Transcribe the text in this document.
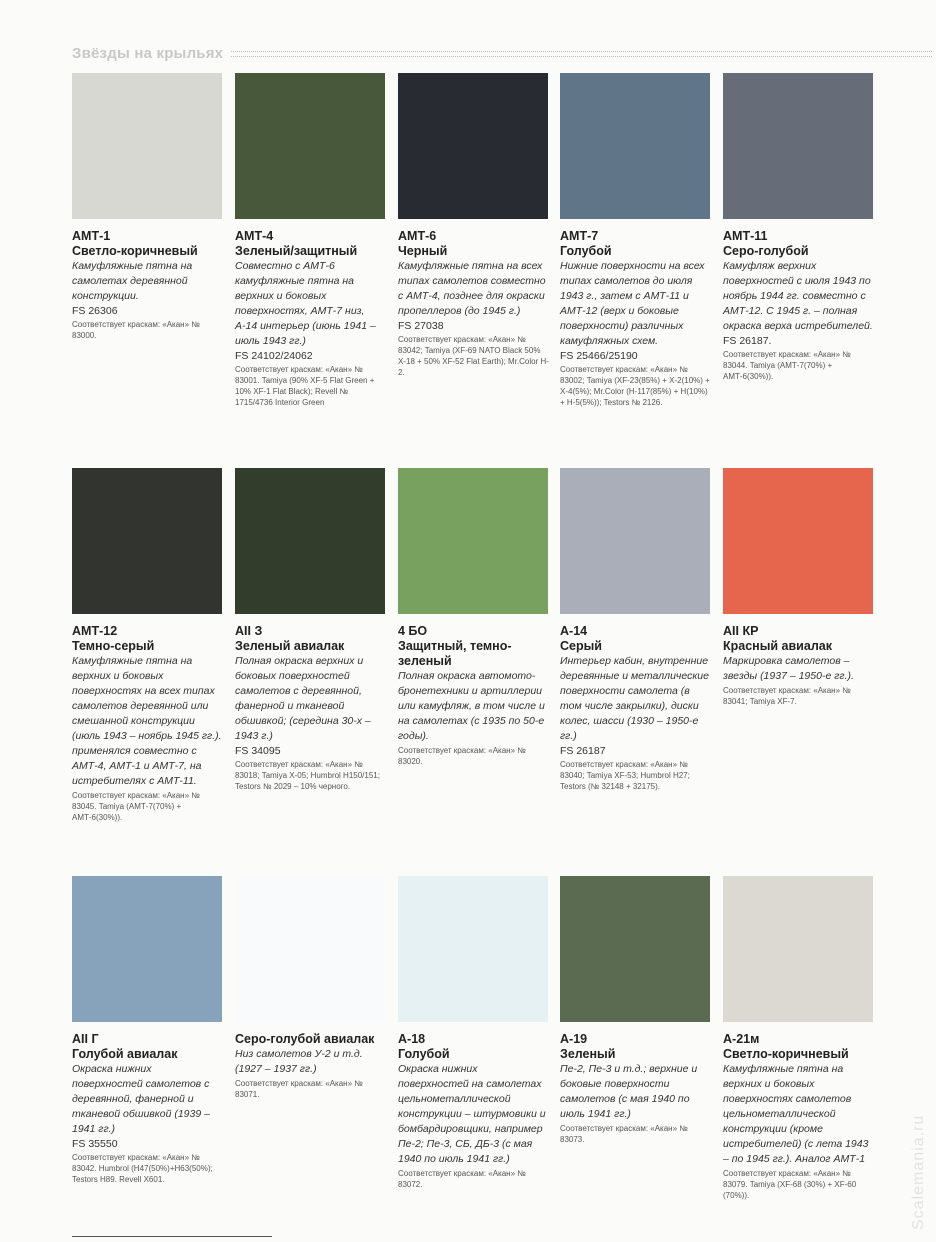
Звёзды на крыльях
АМТ-1
Светло-коричневый
Камуфляжные пятна на самолетах деревянной конструкции.
FS 26306
Соответствует краскам: «Акан» № 83000.
АМТ-4
Зеленый/защитный
Совместно с АМТ-6 камуфляжные пятна на верхних и боковых поверхностях, АМТ-7 низ, А-14 интерьер (июнь 1941 – июль 1943 гг.)
FS 24102/24062
Соответствует краскам: «Акан» № 83001. Tamiya (90% XF-5 Flat Green + 10% XF-1 Flat Black); Revell № 1715/4736 Interior Green
АМТ-6
Черный
Камуфляжные пятна на всех типах самолетов совместно с АМТ-4, позднее для окраски пропеллеров (до 1945 г.)
FS 27038
Соответствует краскам: «Акан» № 83042; Tamiya (XF-69 NATO Black 50% X-18 + 50% XF-52 Flat Earth); Mr.Color H-2.
АМТ-7
Голубой
Нижние поверхности на всех типах самолетов до июля 1943 г., затем с АМТ-11 и АМТ-12 (верх и боковые поверхности) различных камуфляжных схем.
FS 25466/25190
Соответствует краскам: «Акан» № 83002; Tamiya (XF-23(85%) + X-2(10%) + X-4(5%); Mr.Color (H-117(85%) + H(10%) + H-5(5%)); Testors № 2126.
АМТ-11
Серо-голубой
Камуфляж верхних поверхностей с июля 1943 по ноябрь 1944 гг. совместно с АМТ-12. С 1945 г. – полная окраска верха истребителей.
FS 26187.
Соответствует краскам: «Акан» № 83044. Tamiya (АМТ-7(70%) + АМТ-6(30%)).
АМТ-12
Темно-серый
Камуфляжные пятна на верхних и боковых поверхностях на всех типах самолетов деревянной или смешанной конструкции (июль 1943 – ноябрь 1945 гг.). применялся совместно с АМТ-4, АМТ-1 и АМТ-7, на истребителях с АМТ-11.
Соответствует краскам: «Акан» № 83045. Tamiya (АМТ-7(70%) + АМТ-6(30%)).
АII З
Зеленый авиалак
Полная окраска верхних и боковых поверхностей самолетов с деревянной, фанерной и тканевой обшивкой; (середина 30-х – 1943 г.)
FS 34095
Соответствует краскам: «Акан» № 83018; Tamiya X-05; Humbrol H150/151; Testors № 2029 – 10% черного.
4 БО
Защитный, темно-зеленый
Полная окраска автомото- бронетехники и артиллерии или камуфляж, в том числе и на самолетах (с 1935 по 50-е годы).
Соответствует краскам: «Акан» № 83020.
А-14
Серый
Интерьер кабин, внутренние деревянные и металлические поверхности самолета (в том числе закрылки), диски колес, шасси (1930 – 1950-е гг.)
FS 26187
Соответствует краскам: «Акан» № 83040; Tamiya XF-53; Humbrol H27; Testors (№ 32148 + 32175).
АII КР
Красный авиалак
Маркировка самолетов – звезды (1937 – 1950-е гг.).
Соответствует краскам: «Акан» № 83041; Tamiya XF-7.
АII Г
Голубой авиалак
Окраска нижних поверхностей самолетов с деревянной, фанерной и тканевой обшивкой (1939 – 1941 гг.)
FS 35550
Соответствует краскам: «Акан» № 83042. Humbrol (H47(50%)+H63(50%); Testors H89. Revell X601.
Серо-голубой авиалак
Низ самолетов У-2 и т.д. (1927 – 1937 гг.)
Соответствует краскам: «Акан» № 83071.
А-18
Голубой
Окраска нижних поверхностей на самолетах цельнометаллической конструкции – штурмовики и бомбардировщики, например Пе-2; Пе-3, СБ, ДБ-3 (с мая 1940 по июль 1941 гг.)
Соответствует краскам: «Акан» № 83072.
А-19
Зеленый
Пе-2, Пе-3 и т.д.; верхние и боковые поверхности самолетов (с мая 1940 по июль 1941 гг.)
Соответствует краскам: «Акан» № 83073.
А-21м
Светло-коричневый
Камуфляжные пятна на верхних и боковых поверхностях самолетов цельнометаллической конструкции (кроме истребителей) (с лета 1943 – по 1945 гг.). Аналог АМТ-1
Соответствует краскам: «Акан» № 83079. Tamiya (XF-68 (30%) + XF-60 (70%)).	Scalemania.ru
